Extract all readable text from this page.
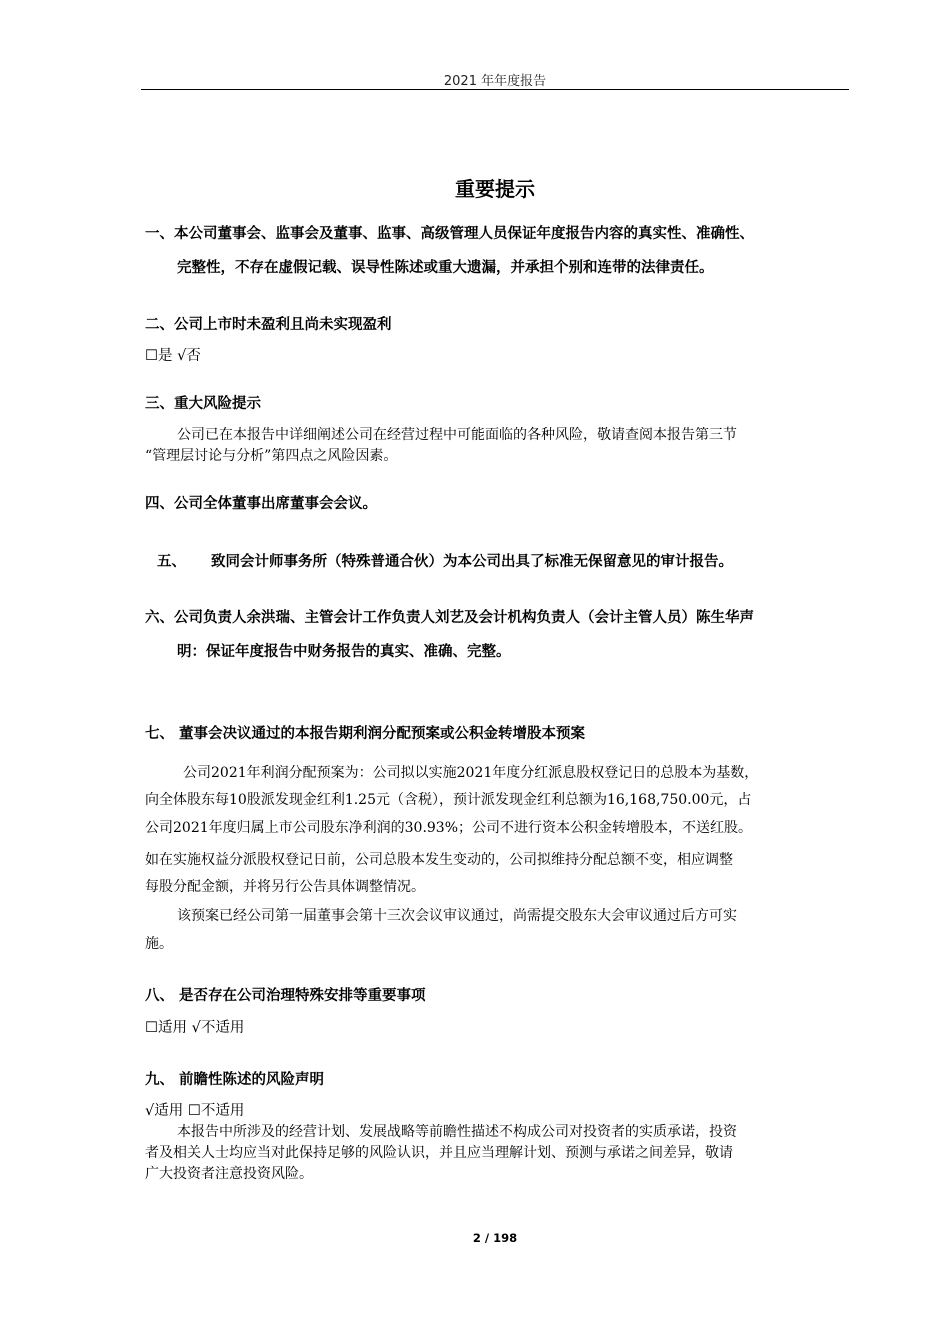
2021 年年度报告
重要提示
一、本公司董事会、监事会及董事、监事、高级管理人员保证年度报告内容的真实性、准确性、
完整性，不存在虚假记载、误导性陈述或重大遗漏，并承担个别和连带的法律责任。
二、公司上市时未盈利且尚未实现盈利
☐是 √否
三、重大风险提示
公司已在本报告中详细阐述公司在经营过程中可能面临的各种风险，敬请查阅本报告第三节
“管理层讨论与分析”第四点之风险因素。
四、公司全体董事出席董事会会议。
五、 致同会计师事务所（特殊普通合伙）为本公司出具了标准无保留意见的审计报告。
六、公司负责人余洪瑞、主管会计工作负责人刘艺及会计机构负责人（会计主管人员）陈生华声
明：保证年度报告中财务报告的真实、准确、完整。
七、 董事会决议通过的本报告期利润分配预案或公积金转增股本预案
公司2021年利润分配预案为：公司拟以实施2021年度分红派息股权登记日的总股本为基数，
向全体股东每10股派发现金红利1.25元（含税），预计派发现金红利总额为16,168,750.00元，占
公司2021年度归属上市公司股东净利润的30.93%；公司不进行资本公积金转增股本，不送红股。
如在实施权益分派股权登记日前，公司总股本发生变动的，公司拟维持分配总额不变，相应调整
每股分配金额，并将另行公告具体调整情况。
该预案已经公司第一届董事会第十三次会议审议通过，尚需提交股东大会审议通过后方可实
施。
八、 是否存在公司治理特殊安排等重要事项
☐适用 √不适用
九、 前瞻性陈述的风险声明
√适用 ☐不适用
本报告中所涉及的经营计划、发展战略等前瞻性描述不构成公司对投资者的实质承诺，投资
者及相关人士均应当对此保持足够的风险认识，并且应当理解计划、预测与承诺之间差异，敬请
广大投资者注意投资风险。
2 / 198
